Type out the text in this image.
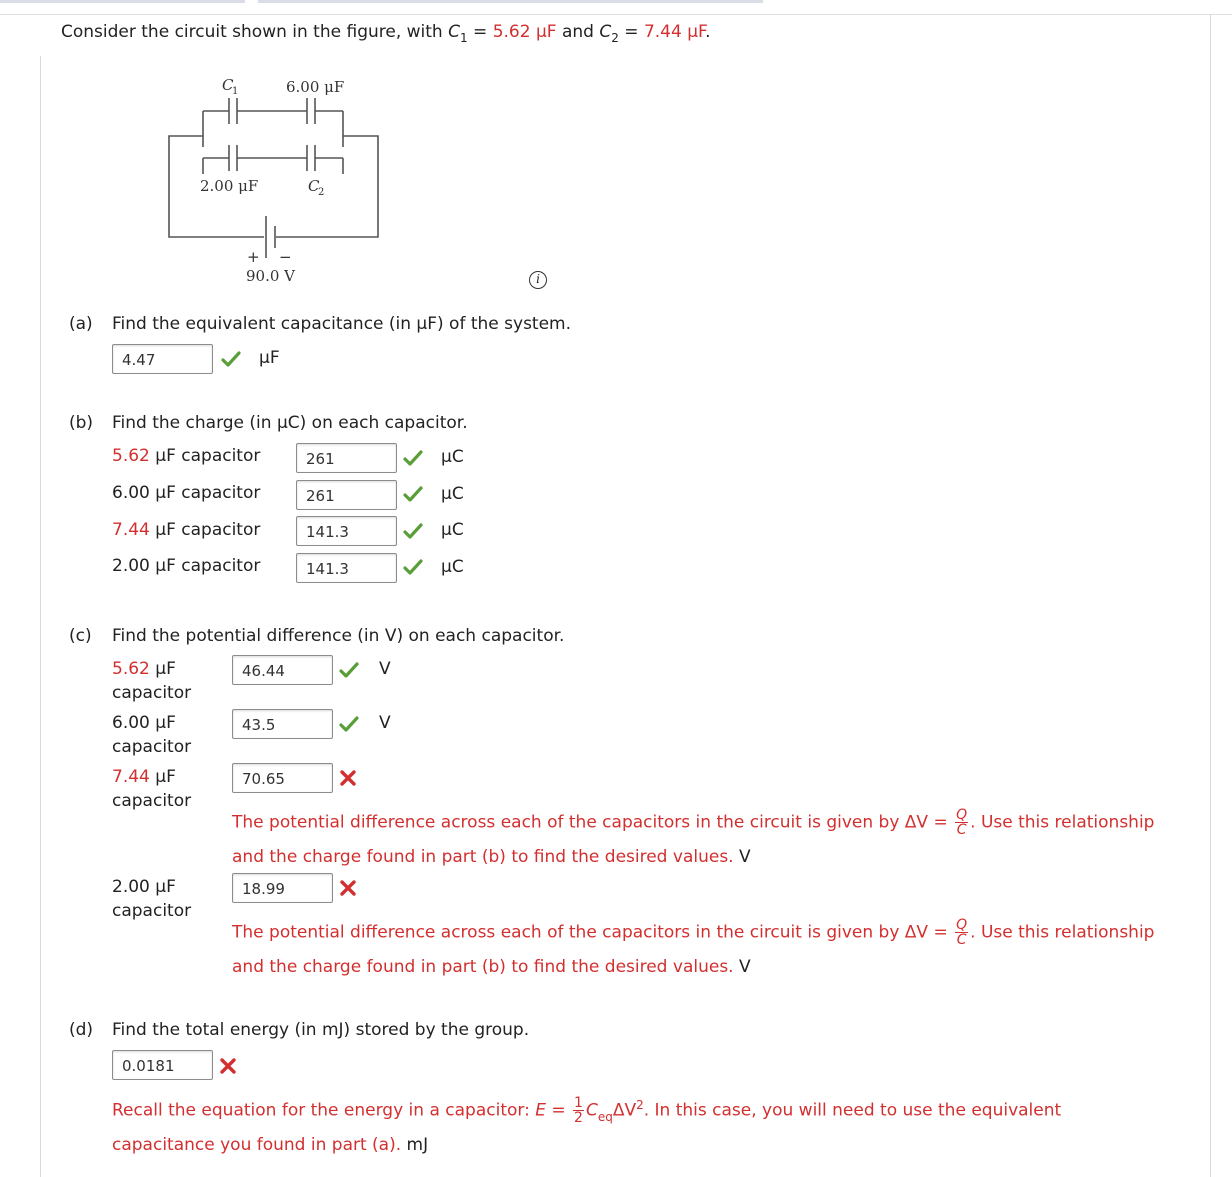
Consider the circuit shown in the figure, with $C_1 = 5.62$ μF and $C_2 = 7.44$ μF.
C
1	6.00 μF
2.00 μF	C
2
+ −
90.0 V	i
(a) Find the equivalent capacitance (in μF) of the system.
4.47	μF
(b) Find the charge (in μC) on each capacitor.
5.62 μF capacitor	261	μC
6.00 μF capacitor	261	μC
7.44 μF capacitor	141.3	μC
2.00 μF capacitor	141.3	μC
(c) Find the potential difference (in V) on each capacitor.
5.62 μF
capacitor
46.44	V
6.00 μF
capacitor
43.5	V
7.44 μF
capacitor
70.65
The potential difference across each of the capacitors in the circuit is given by $\Delta V = \frac{Q}{C}$ . Use this relationship
and the charge found in part (b) to find the desired values. V
2.00 μF
capacitor
18.99
The potential difference across each of the capacitors in the circuit is given by $\Delta V = \frac{Q}{C}$ . Use this relationship
and the charge found in part (b) to find the desired values. V
(d) Find the total energy (in mJ) stored by the group.
0.0181
Recall the equation for the energy in a capacitor: $E = \frac{1}{2} C_{eq}\Delta V^2$. In this case, you will need to use the equivalent
capacitance you found in part (a). mJ
